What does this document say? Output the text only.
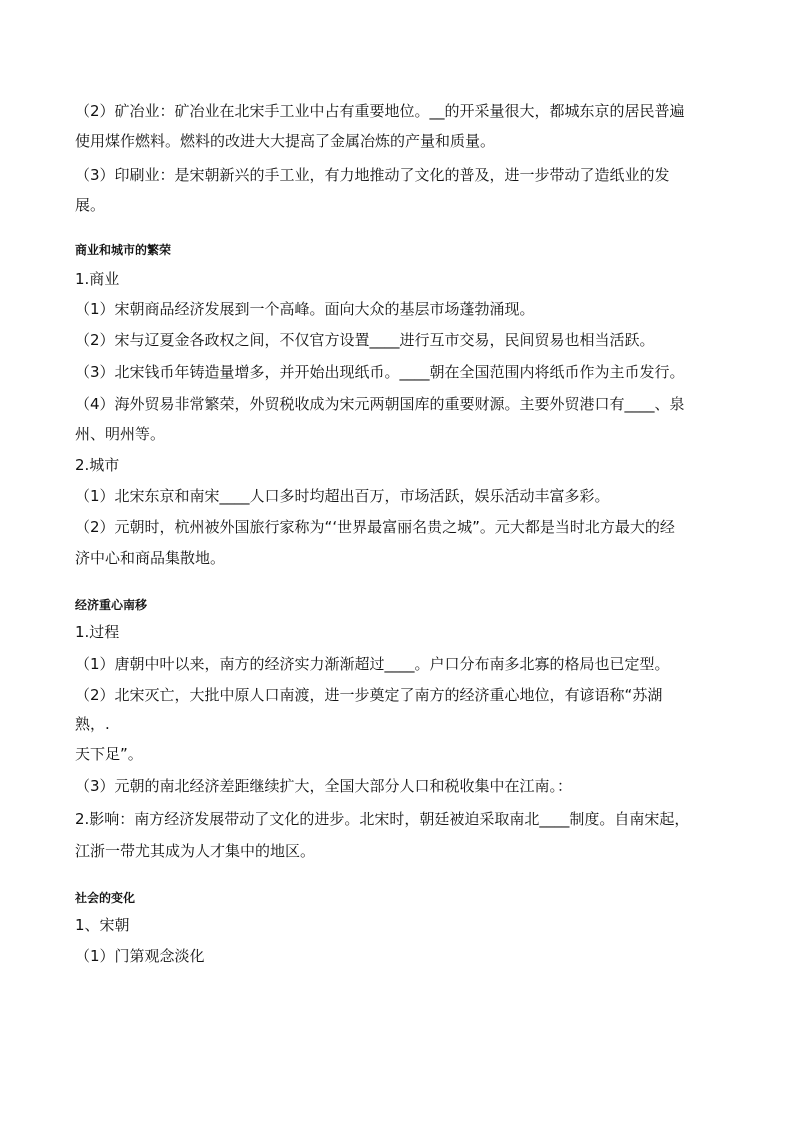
（2）矿冶业：矿冶业在北宋手工业中占有重要地位。__的开采量很大，都城东京的居民普遍
使用煤作燃料。燃料的改进大大提高了金属冶炼的产量和质量。
（3）印刷业：是宋朝新兴的手工业，有力地推动了文化的普及，进一步带动了造纸业的发
展。
商业和城市的繁荣
1.商业
（1）宋朝商品经济发展到一个高峰。面向大众的基层市场蓬勃涌现。
（2）宋与辽夏金各政权之间，不仅官方设置____进行互市交易，民间贸易也相当活跃。
（3）北宋钱币年铸造量增多，并开始出现纸币。____朝在全国范围内将纸币作为主币发行。
（4）海外贸易非常繁荣，外贸税收成为宋元两朝国库的重要财源。主要外贸港口有____、泉
州、明州等。
2.城市
（1）北宋东京和南宋____人口多时均超出百万，市场活跃，娱乐活动丰富多彩。
（2）元朝时，杭州被外国旅行家称为“‘世界最富丽名贵之城”。元大都是当时北方最大的经
济中心和商品集散地。
经济重心南移
1.过程
（1）唐朝中叶以来，南方的经济实力渐渐超过____。户口分布南多北寡的格局也已定型。
（2）北宋灭亡，大批中原人口南渡，进一步奠定了南方的经济重心地位，有谚语称“苏湖
熟，.
天下足”。
（3）元朝的南北经济差距继续扩大，全国大部分人口和税收集中在江南。：
2.影响：南方经济发展带动了文化的进步。北宋时，朝廷被迫采取南北____制度。自南宋起，
江浙一带尤其成为人才集中的地区。
社会的变化
1、宋朝
（1）门第观念淡化
